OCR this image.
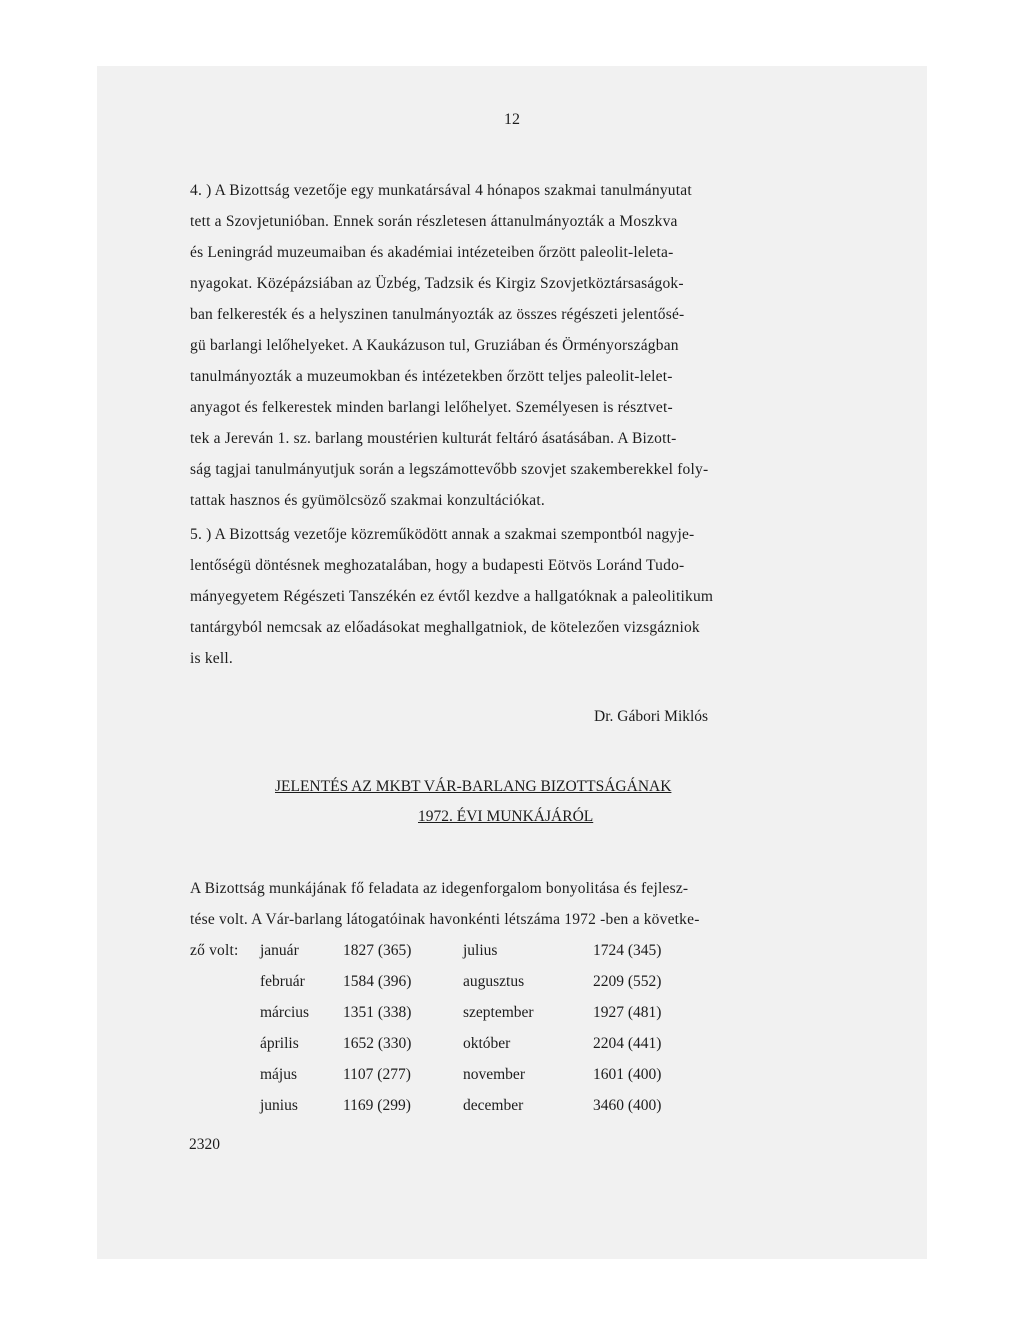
12
4. ) A Bizottság vezetője egy munkatársával 4 hónapos szakmai tanulmányutat
tett a Szovjetunióban. Ennek során részletesen áttanulmányozták a Moszkva
és Leningrád muzeumaiban és akadémiai intézeteiben őrzött paleolit-leleta-
nyagokat. Középázsiában az Üzbég, Tadzsik és Kirgiz Szovjetköztársaságok-
ban felkeresték és a helyszinen tanulmányozták az összes régészeti jelentősé-
gü barlangi lelőhelyeket. A Kaukázuson tul, Gruziában és Örményországban
tanulmányozták a muzeumokban és intézetekben őrzött teljes paleolit-lelet-
anyagot és felkerestek minden barlangi lelőhelyet. Személyesen is résztvet-
tek a Jereván 1. sz. barlang moustérien kulturát feltáró ásatásában. A Bizott-
ság tagjai tanulmányutjuk során a legszámottevőbb szovjet szakemberekkel foly-
tattak hasznos és gyümölcsöző szakmai konzultációkat.
5. ) A Bizottság vezetője közreműködött annak a szakmai szempontból nagyje-
lentőségü döntésnek meghozatalában, hogy a budapesti Eötvös Loránd Tudo-
mányegyetem Régészeti Tanszékén ez évtől kezdve a hallgatóknak a paleolitikum
tantárgyból nemcsak az előadásokat meghallgatniok, de kötelezően vizsgázniok
is kell.
Dr. Gábori Miklós
JELENTÉS AZ MKBT VÁR-BARLANG BIZOTTSÁGÁNAK
1972. ÉVI MUNKÁJÁRÓL
A Bizottság munkájának fő feladata az idegenforgalom bonyolitása és fejlesz-
tése volt. A Vár-barlang látogatóinak havonkénti létszáma 1972 -ben a követke-
ző volt: január	1827 (365)	julius	1724 (345)
február 1584 (396)	augusztus	2209 (552)
március 1351 (338)	szeptember	1927 (481)
április	1652 (330)	október	2204 (441)
május	1107 (277)	november	1601 (400)
junius	1169 (299)	december	3460 (400)
2320
